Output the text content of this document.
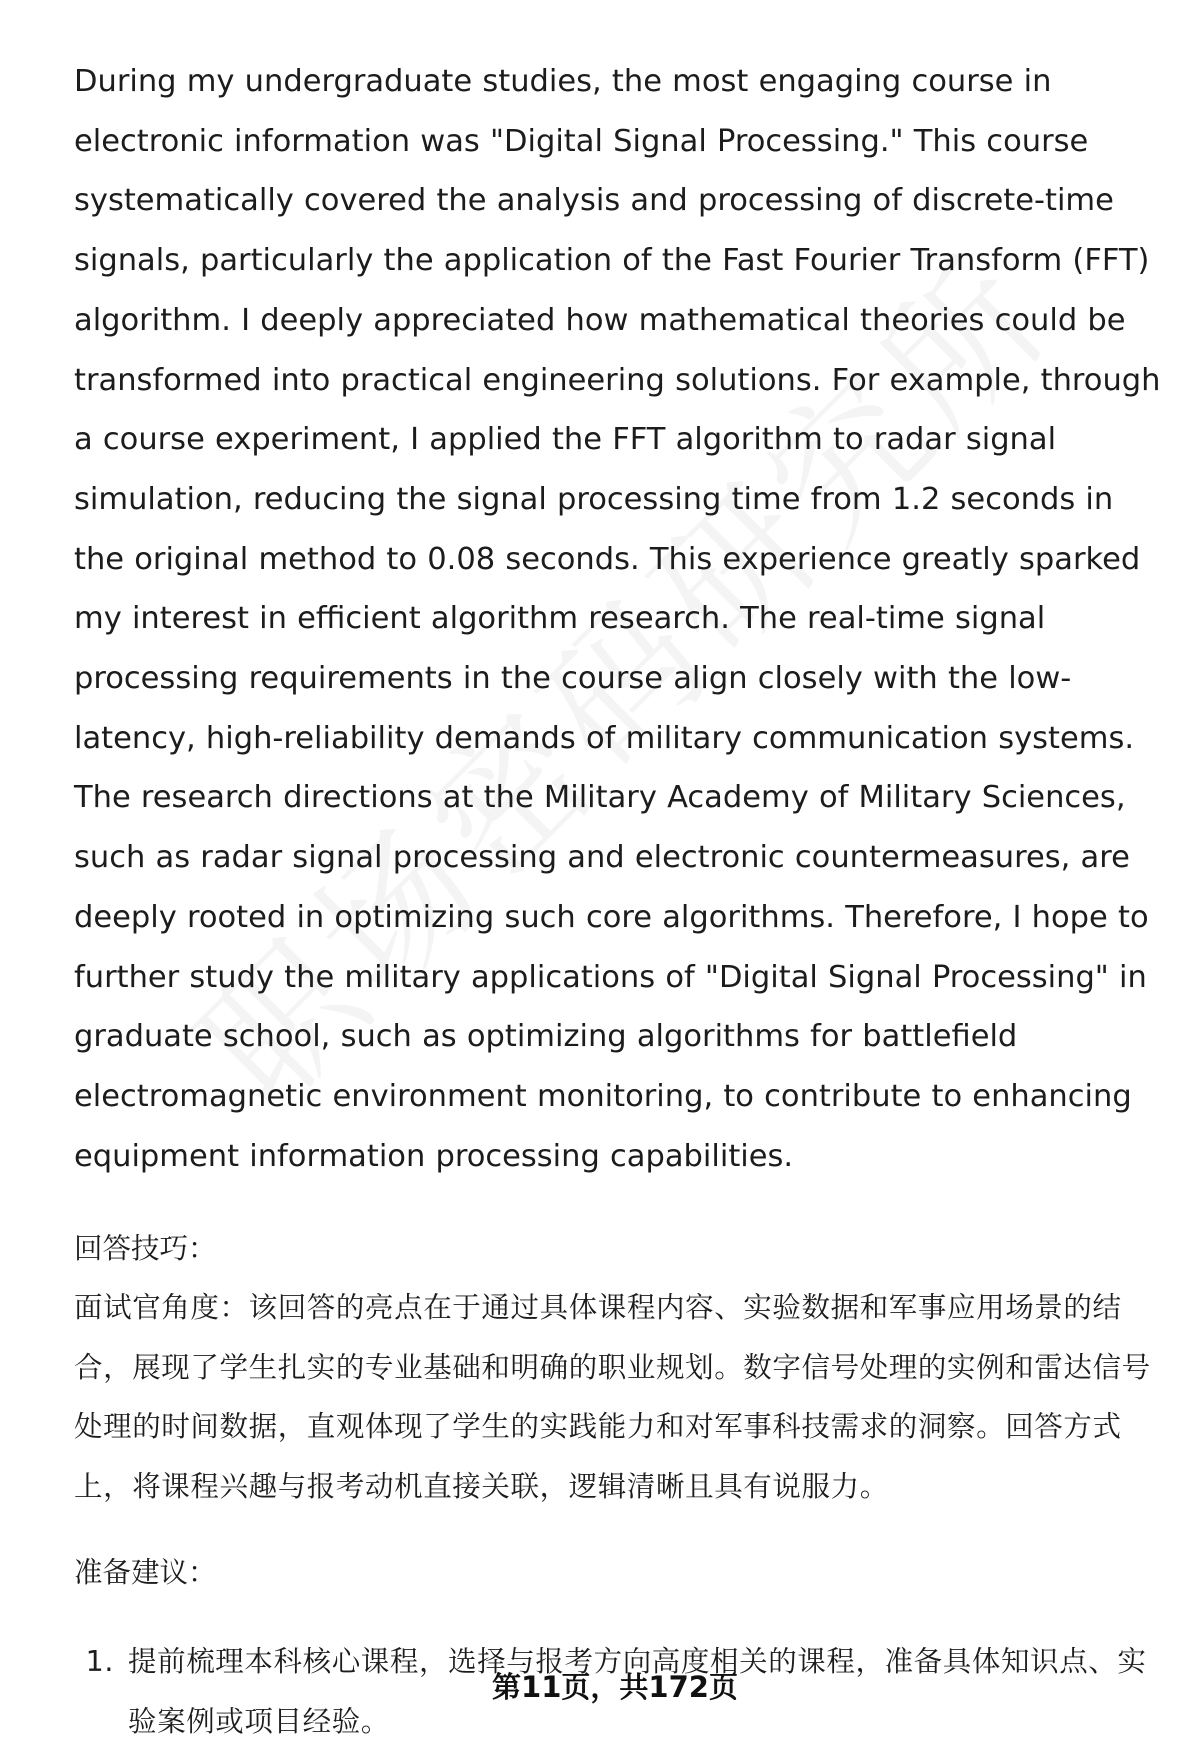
During my undergraduate studies, the most engaging course in electronic information was "Digital Signal Processing." This course systematically covered the analysis and processing of discrete-time signals, particularly the application of the Fast Fourier Transform (FFT) algorithm. I deeply appreciated how mathematical theories could be transformed into practical engineering solutions. For example, through a course experiment, I applied the FFT algorithm to radar signal simulation, reducing the signal processing time from 1.2 seconds in the original method to 0.08 seconds. This experience greatly sparked my interest in efficient algorithm research. The real-time signal processing requirements in the course align closely with the low-latency, high-reliability demands of military communication systems. The research directions at the Military Academy of Military Sciences, such as radar signal processing and electronic countermeasures, are deeply rooted in optimizing such core algorithms. Therefore, I hope to further study the military applications of "Digital Signal Processing" in graduate school, such as optimizing algorithms for battlefield electromagnetic environment monitoring, to contribute to enhancing equipment information processing capabilities.

回答技巧：

面试官角度：该回答的亮点在于通过具体课程内容、实验数据和军事应用场景的结合，展现了学生扎实的专业基础和明确的职业规划。数字信号处理的实例和雷达信号处理的时间数据，直观体现了学生的实践能力和对军事科技需求的洞察。回答方式上，将课程兴趣与报考动机直接关联，逻辑清晰且具有说服力。

准备建议：
1. 提前梳理本科核心课程，选择与报考方向高度相关的课程，准备具体知识点、实验案例或项目经验。
第11页，共172页
